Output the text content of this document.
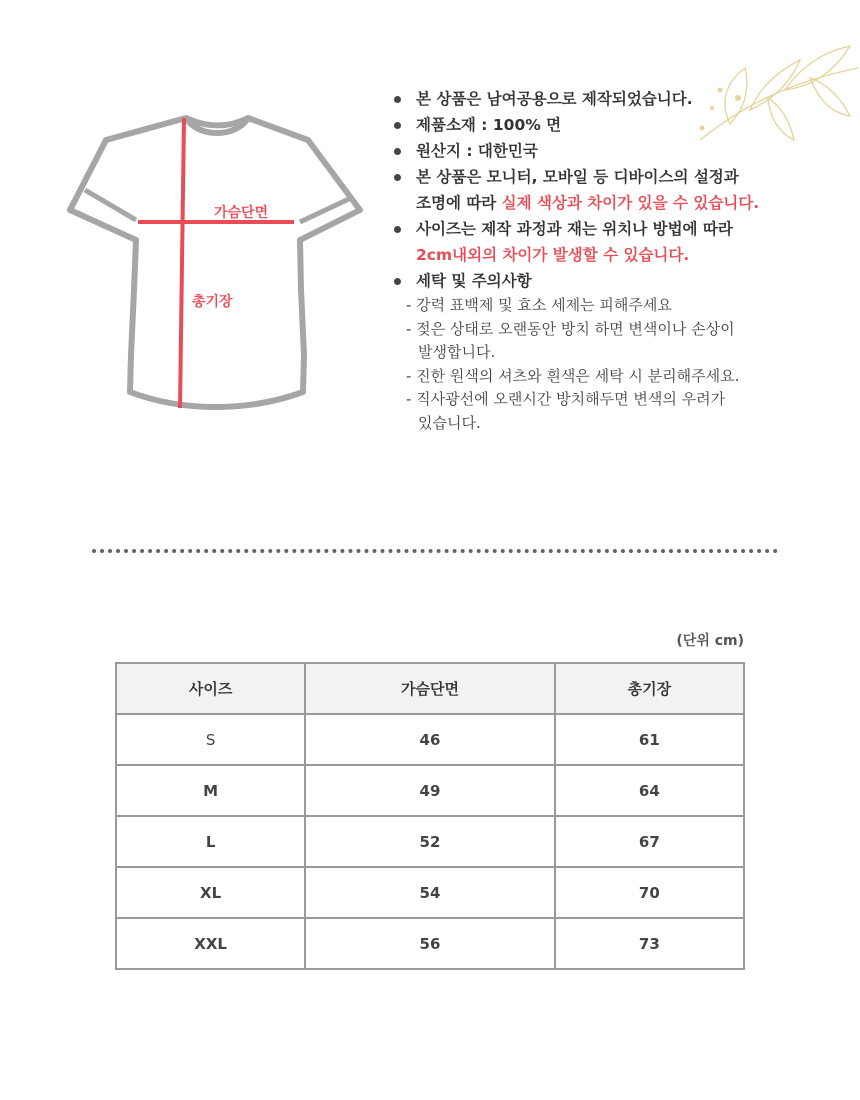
가슴단면
총기장
본 상품은 남여공용으로 제작되었습니다.
제품소재 : 100% 면
원산지 : 대한민국
본 상품은 모니터, 모바일 등 디바이스의 설정과
조명에 따라 실제 색상과 차이가 있을 수 있습니다.
사이즈는 제작 과정과 재는 위치나 방법에 따라
2cm내외의 차이가 발생할 수 있습니다.
세탁 및 주의사항
- 강력 표백제 및 효소 세제는 피해주세요
- 젖은 상태로 오랜동안 방치 하면 변색이나 손상이
발생합니다.
- 진한 원색의 셔츠와 흰색은 세탁 시 분리해주세요.
- 직사광선에 오랜시간 방치해두면 변색의 우려가
있습니다.
(단위 cm)
사이즈	가슴단면	총기장
S	46	61
M	49	64
L	52	67
XL	54	70
XXL	56	73
